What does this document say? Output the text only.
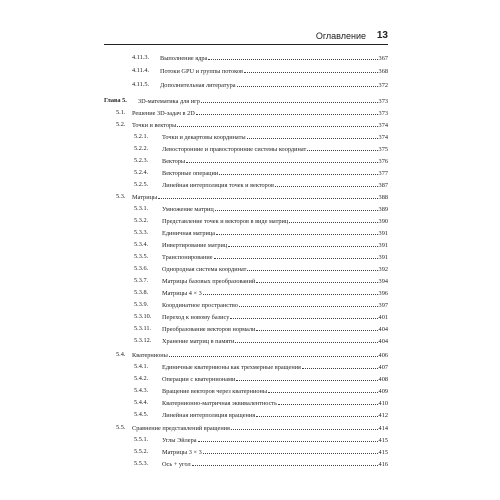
Оглавление 13
4.11.3. Выполнение ядра	367
4.11.4. Потоки GPU и группы потоков	368
4.11.5. Дополнительная литература	372
Глава 5. 3D-математика для игр	373
5.1. Решение 3D-задач в 2D	373
5.2. Точки и векторы	374
5.2.1. Точки и декартовы координаты	374
5.2.2. Левосторонние и правосторонние системы координат	375
5.2.3. Векторы	376
5.2.4. Векторные операции	377
5.2.5. Линейная интерполяция точек и векторов	387
5.3. Матрицы	388
5.3.1. Умножение матриц	389
5.3.2. Представление точек и векторов в виде матриц	390
5.3.3. Единичная матрица	391
5.3.4. Инвертирование матриц	391
5.3.5. Транспонирование	391
5.3.6. Однородная система координат	392
5.3.7. Матрицы базовых преобразований	394
5.3.8. Матрицы 4 × 3	396
5.3.9. Координатное пространство	397
5.3.10. Переход к новому базису	401
5.3.11. Преобразование векторов нормали	404
5.3.12. Хранение матриц в памяти	404
5.4. Кватернионы	406
5.4.1. Единичные кватернионы как трехмерные вращения	407
5.4.2. Операции с кватернионами	408
5.4.3. Вращение векторов через кватернионы	409
5.4.4. Кватернионно-матричная эквивалентность	410
5.4.5. Линейная интерполяция вращения	412
5.5. Сравнение представлений вращения	414
5.5.1. Углы Эйлера	415
5.5.2. Матрицы 3 × 3	415
5.5.3. Ось + угол	416
